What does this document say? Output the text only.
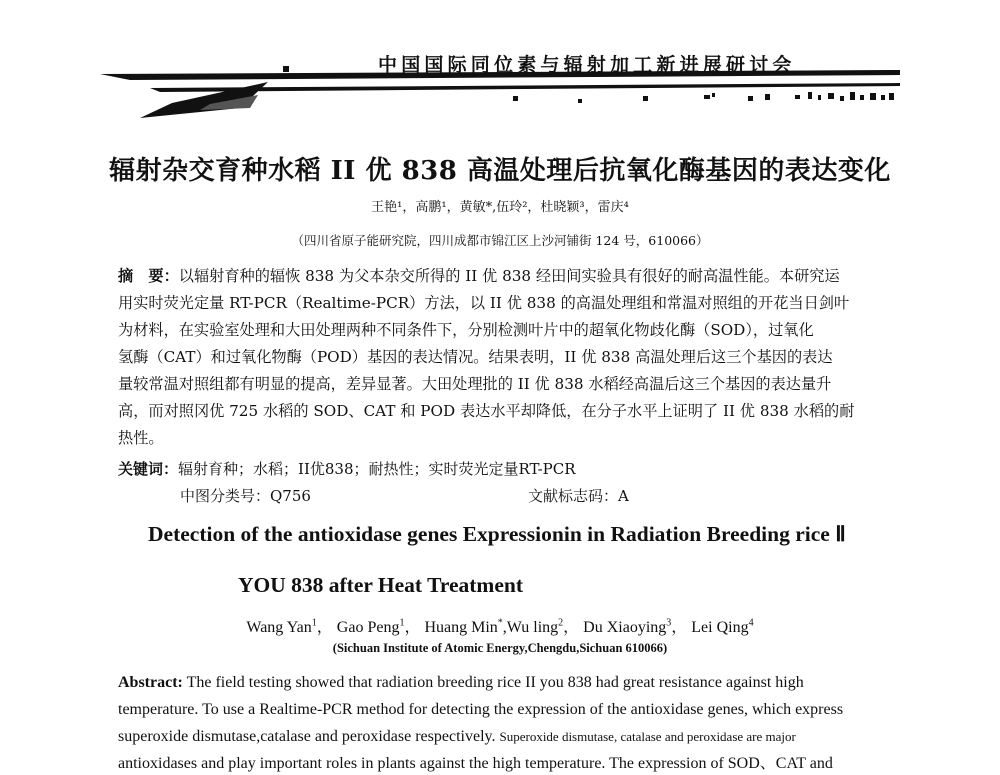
中国国际同位素与辐射加工新进展研讨会
辐射杂交育种水稻 II 优 838 高温处理后抗氧化酶基因的表达变化
王艳¹，高鹏¹，黄敏*,伍玲²，杜晓颖³，雷庆⁴
（四川省原子能研究院，四川成都市锦江区上沙河铺街 124 号，610066）
摘　要：以辐射育种的辐恢 838 为父本杂交所得的 II 优 838 经田间实验具有很好的耐高温性能。本研究运
用实时荧光定量 RT-PCR（Realtime-PCR）方法，以 II 优 838 的高温处理组和常温对照组的开花当日剑叶
为材料，在实验室处理和大田处理两种不同条件下，分别检测叶片中的超氧化物歧化酶（SOD），过氧化
氢酶（CAT）和过氧化物酶（POD）基因的表达情况。结果表明，II 优 838 高温处理后这三个基因的表达
量较常温对照组都有明显的提高，差异显著。大田处理批的 II 优 838 水稻经高温后这三个基因的表达量升
高，而对照冈优 725 水稻的 SOD、CAT 和 POD 表达水平却降低，在分子水平上证明了 II 优 838 水稻的耐
热性。
关键词：辐射育种；水稻；II优838；耐热性；实时荧光定量RT-PCR
中图分类号：Q756	文献标志码：A
Detection of the antioxidase genes Expressionin in Radiation Breeding rice Ⅱ
YOU 838 after Heat Treatment
Wang Yan$^1$， Gao Peng$^1$， Huang Min*,Wu ling$^2$， Du Xiaoying$^3$， Lei Qing$^4$
(Sichuan Institute of Atomic Energy,Chengdu,Sichuan 610066)
Abstract: The field testing showed that radiation breeding rice II you 838 had great resistance against high
temperature. To use a Realtime-PCR method for detecting the expression of the antioxidase genes, which express
superoxide dismutase,catalase and peroxidase respectively. Superoxide dismutase, catalase and peroxidase are major
antioxidases and play important roles in plants against the high temperature. The expression of SOD、CAT and
